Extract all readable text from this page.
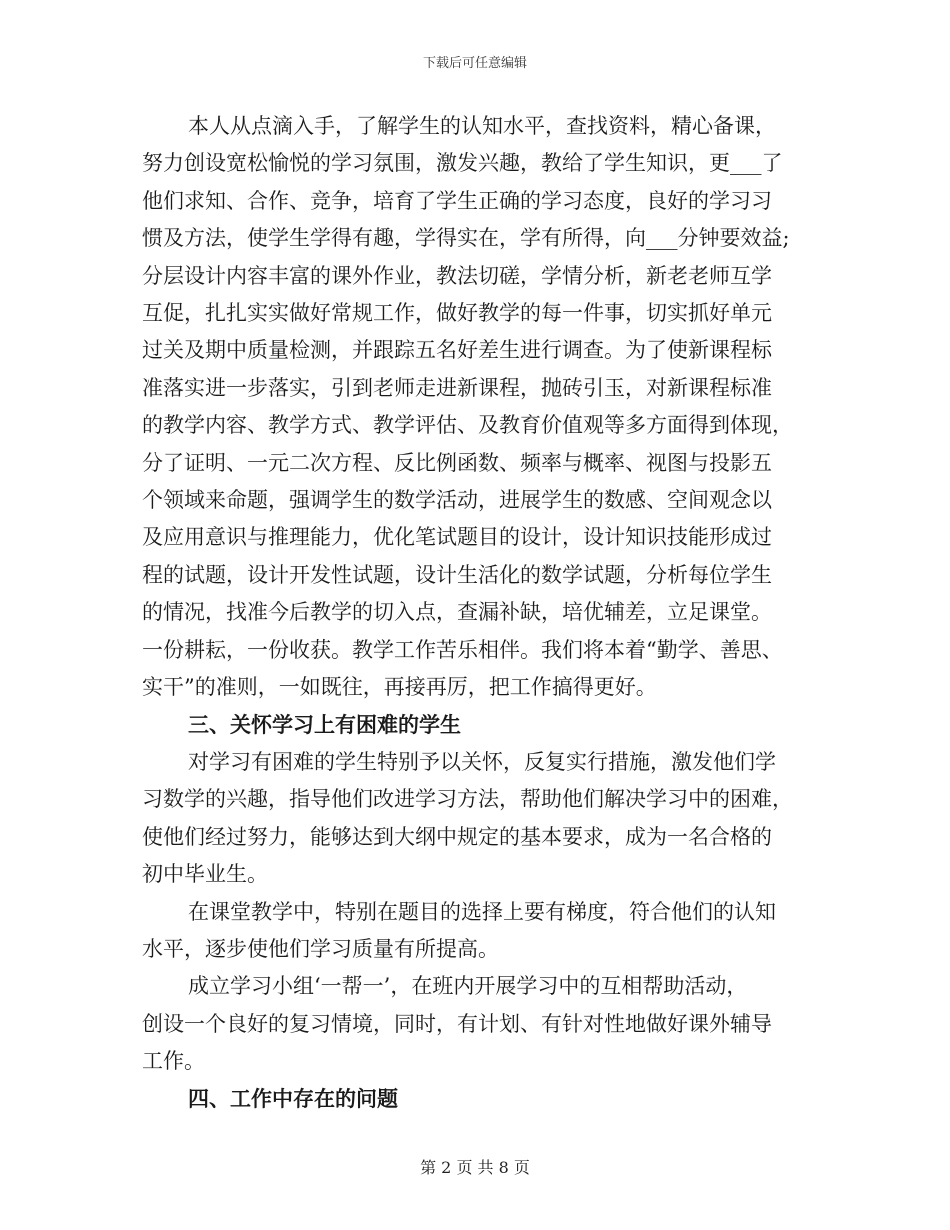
下载后可任意编辑

本人从点滴入手，了解学生的认知水平，查找资料，精心备课，
努力创设宽松愉悦的学习氛围，激发兴趣，教给了学生知识，更___了
他们求知、合作、竞争，培育了学生正确的学习态度，良好的学习习
惯及方法，使学生学得有趣，学得实在，学有所得，向___分钟要效益;
分层设计内容丰富的课外作业，教法切磋，学情分析，新老老师互学
互促，扎扎实实做好常规工作，做好教学的每一件事，切实抓好单元
过关及期中质量检测，并跟踪五名好差生进行调查。为了使新课程标
准落实进一步落实，引到老师走进新课程，抛砖引玉，对新课程标准
的教学内容、教学方式、教学评估、及教育价值观等多方面得到体现，
分了证明、一元二次方程、反比例函数、频率与概率、视图与投影五
个领域来命题，强调学生的数学活动，进展学生的数感、空间观念以
及应用意识与推理能力，优化笔试题目的设计，设计知识技能形成过
程的试题，设计开发性试题，设计生活化的数学试题，分析每位学生
的情况，找准今后教学的切入点，查漏补缺，培优辅差，立足课堂。
一份耕耘，一份收获。教学工作苦乐相伴。我们将本着“勤学、善思、
实干”的准则，一如既往，再接再厉，把工作搞得更好。

三、关怀学习上有困难的学生

对学习有困难的学生特别予以关怀，反复实行措施，激发他们学
习数学的兴趣，指导他们改进学习方法，帮助他们解决学习中的困难，
使他们经过努力，能够达到大纲中规定的基本要求，成为一名合格的
初中毕业生。

在课堂教学中，特别在题目的选择上要有梯度，符合他们的认知
水平，逐步使他们学习质量有所提高。

成立学习小组‘一帮一’，在班内开展学习中的互相帮助活动，
创设一个良好的复习情境，同时，有计划、有针对性地做好课外辅导
工作。

四、工作中存在的问题

第 2 页 共 8 页
